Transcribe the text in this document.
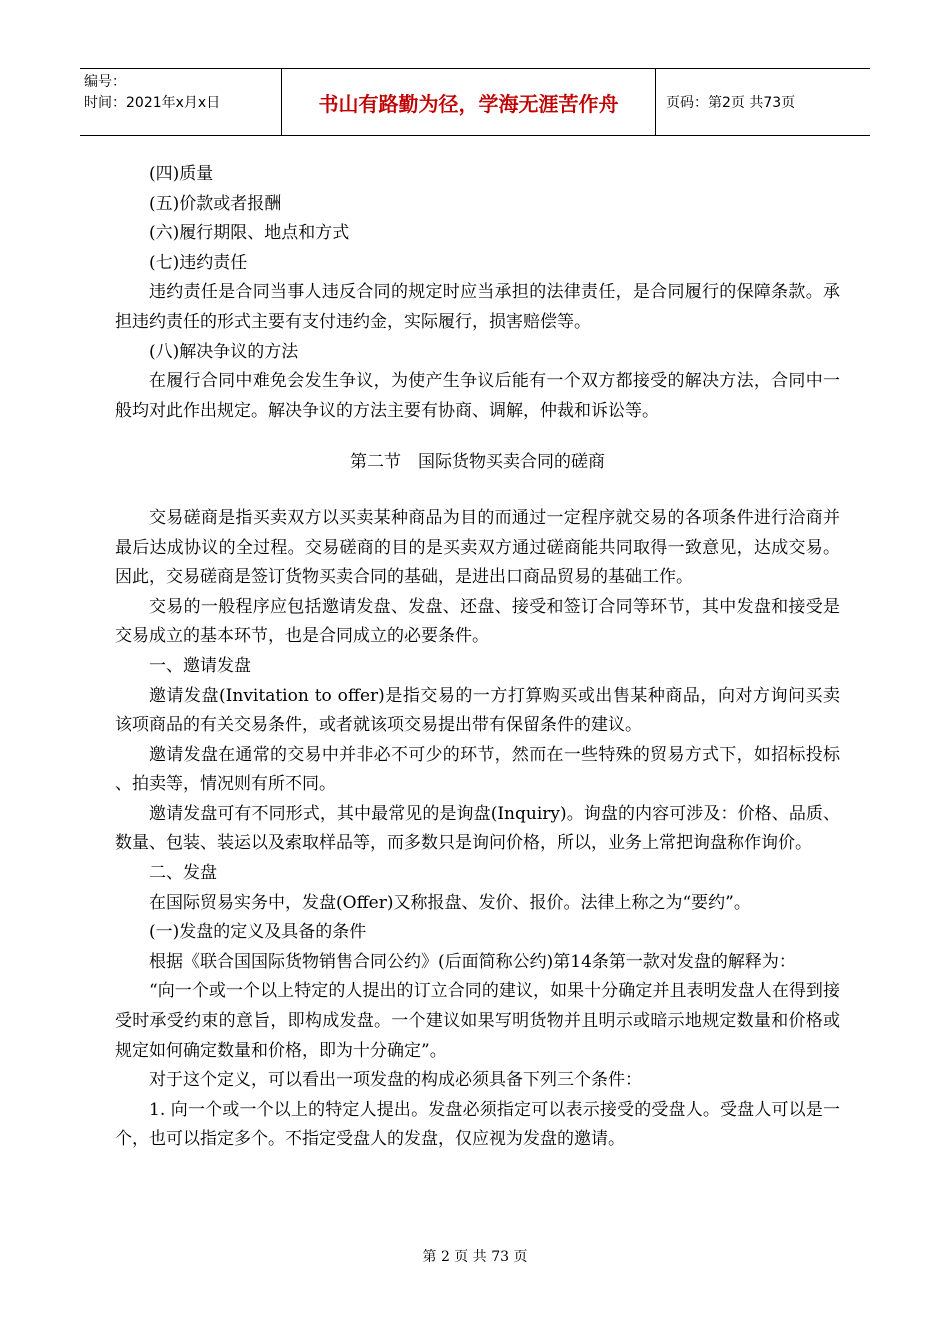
编号：
时间：2021年x月x日	书山有路勤为径，学海无涯苦作舟	页码：第2页 共73页

(四)质量

(五)价款或者报酬

(六)履行期限、地点和方式

(七)违约责任

违约责任是合同当事人违反合同的规定时应当承担的法律责任，是合同履行的保障条款。承担违约责任的形式主要有支付违约金，实际履行，损害赔偿等。

(八)解决争议的方法

在履行合同中难免会发生争议，为使产生争议后能有一个双方都接受的解决方法，合同中一般均对此作出规定。解决争议的方法主要有协商、调解，仲裁和诉讼等。

第二节　国际货物买卖合同的磋商

交易磋商是指买卖双方以买卖某种商品为目的而通过一定程序就交易的各项条件进行洽商并最后达成协议的全过程。交易磋商的目的是买卖双方通过磋商能共同取得一致意见，达成交易。因此，交易磋商是签订货物买卖合同的基础，是进出口商品贸易的基础工作。

交易的一般程序应包括邀请发盘、发盘、还盘、接受和签订合同等环节，其中发盘和接受是交易成立的基本环节，也是合同成立的必要条件。

一、邀请发盘

邀请发盘(Invitation to offer)是指交易的一方打算购买或出售某种商品，向对方询问买卖该项商品的有关交易条件，或者就该项交易提出带有保留条件的建议。

邀请发盘在通常的交易中并非必不可少的环节，然而在一些特殊的贸易方式下，如招标投标 、拍卖等，情况则有所不同。

邀请发盘可有不同形式，其中最常见的是询盘(Inquiry)。询盘的内容可涉及：价格、品质、数量、包装、装运以及索取样品等，而多数只是询问价格，所以，业务上常把询盘称作询价。

二、发盘

在国际贸易实务中，发盘(Offer)又称报盘、发价、报价。法律上称之为“要约”。

(一)发盘的定义及具备的条件

根据《联合国国际货物销售合同公约》(后面简称公约)第14条第一款对发盘的解释为：

“向一个或一个以上特定的人提出的订立合同的建议，如果十分确定并且表明发盘人在得到接受时承受约束的意旨，即构成发盘。一个建议如果写明货物并且明示或暗示地规定数量和价格或规定如何确定数量和价格，即为十分确定”。

对于这个定义，可以看出一项发盘的构成必须具备下列三个条件：

1. 向一个或一个以上的特定人提出。发盘必须指定可以表示接受的受盘人。受盘人可以是一个，也可以指定多个。不指定受盘人的发盘，仅应视为发盘的邀请。

第 2 页 共 73 页
